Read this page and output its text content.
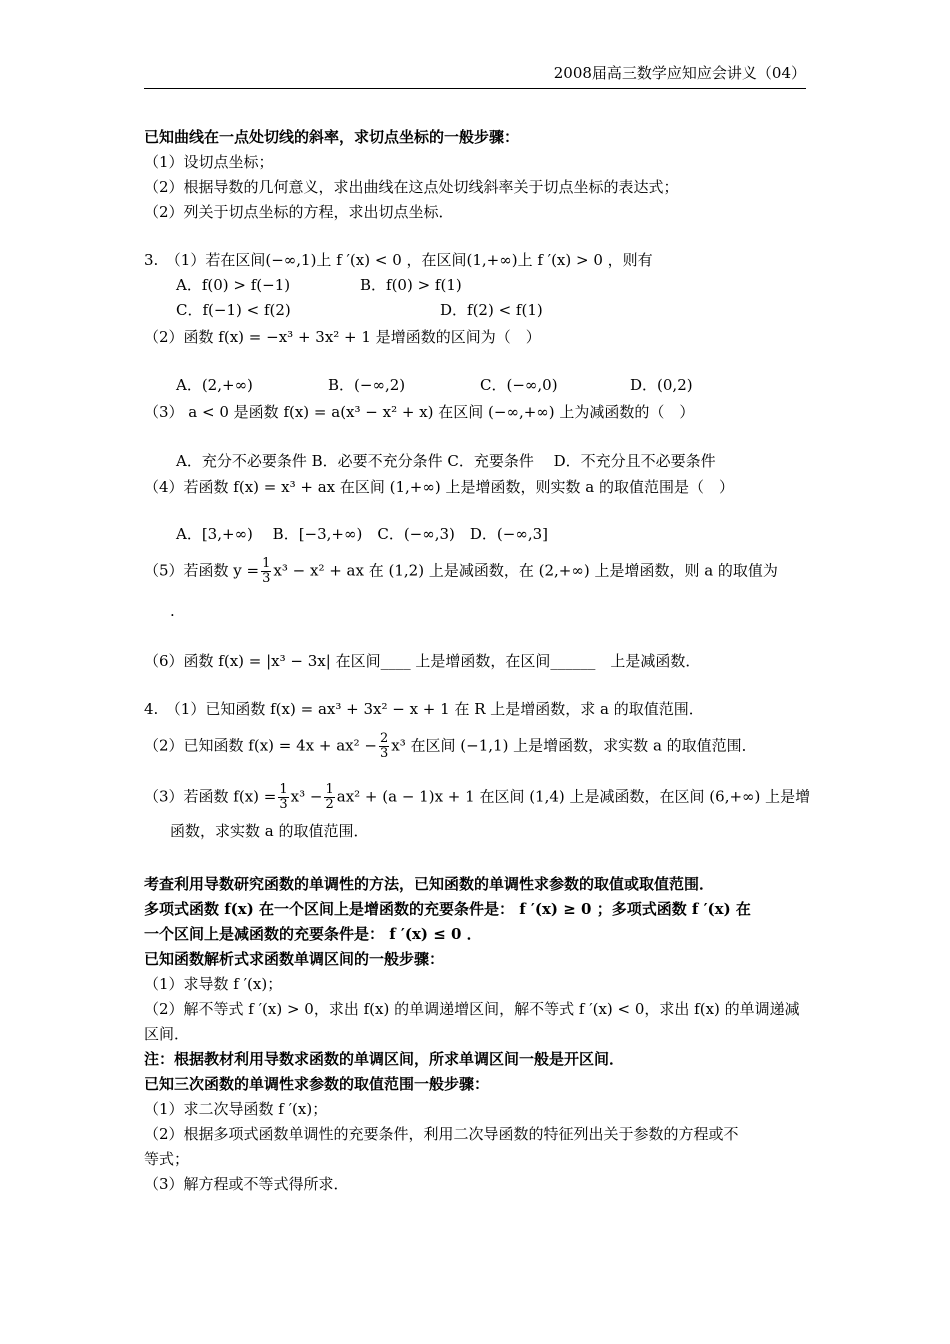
2008届高三数学应知应会讲义（04）
已知曲线在一点处切线的斜率，求切点坐标的一般步骤：
（1）设切点坐标；
（2）根据导数的几何意义，求出曲线在这点处切线斜率关于切点坐标的表达式；
（2）列关于切点坐标的方程，求出切点坐标．
3.　（1）若在区间(−∞,1)上 f ′(x) < 0 ，在区间(1,+∞)上 f ′(x) > 0 ，则有
A．f(0) > f(−1)	B．f(0) > f(1)
C．f(−1) < f(2)	D．f(2) < f(1)
（2）函数 f(x) = −x³ + 3x² + 1 是增函数的区间为（　）
A．(2,+∞)	B．(−∞,2)	C．(−∞,0)	D．(0,2)
（3） a < 0 是函数 f(x) = a(x³ − x² + x) 在区间 (−∞,+∞) 上为减函数的（　）
A．充分不必要条件 B．必要不充分条件 C．充要条件　 D．不充分且不必要条件
（4）若函数 f(x) = x³ + ax 在区间 (1,+∞) 上是增函数，则实数 a 的取值范围是（　）
A．[3,+∞)　 B．[−3,+∞)　C．(−∞,3)　D．(−∞,3]
（5）若函数 $y = \frac{1}{3} x^3 - x^2$ + ax 在 (1,2) 上是减函数，在 (2,+∞) 上是增函数，则 a 的取值为
.
（6）函数 f(x) = |x³ − 3x| 在区间____ 上是增函数，在区间______　上是减函数．
4.　（1）已知函数 f(x) = ax³ + 3x² − x + 1 在 R 上是增函数，求 a 的取值范围．
（2）已知函数 $f(x) = 4x + ax^2 - \frac{2}{3} x^3$ 在区间 (−1,1) 上是增函数，求实数 a 的取值范围．
（3）若函数 $f(x) = \frac{1}{3} x^3 - \frac{1}{2} ax^2 + (a - 1)x + 1$ 在区间 (1,4) 上是减函数，在区间 (6,+∞) 上是增
函数，求实数 a 的取值范围．
考查利用导数研究函数的单调性的方法，已知函数的单调性求参数的取值或取值范围．
多项式函数 f(x) 在一个区间上是增函数的充要条件是： f ′(x) ≥ 0 ；多项式函数 f ′(x) 在
一个区间上是减函数的充要条件是： f ′(x) ≤ 0 ．
已知函数解析式求函数单调区间的一般步骤：
（1）求导数 f ′(x)；
（2）解不等式 f ′(x) > 0，求出 f(x) 的单调递增区间，解不等式 f ′(x) < 0，求出 f(x) 的单调递减
区间．
注：根据教材利用导数求函数的单调区间，所求单调区间一般是开区间．
已知三次函数的单调性求参数的取值范围一般步骤：
（1）求二次导函数 f ′(x)；
（2）根据多项式函数单调性的充要条件，利用二次导函数的特征列出关于参数的方程或不
等式；
（3）解方程或不等式得所求．
